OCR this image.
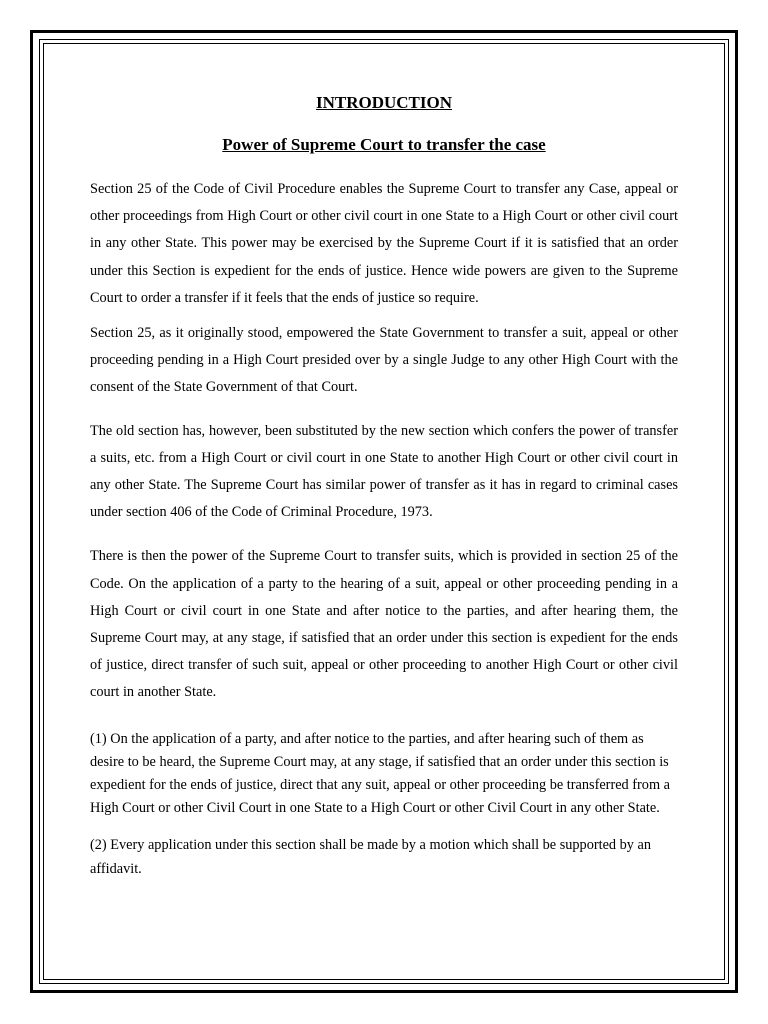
INTRODUCTION
Power of Supreme Court to transfer the case

Section 25 of the Code of Civil Procedure enables the Supreme Court to transfer any Case, appeal or other proceedings from High Court or other civil court in one State to a High Court or other civil court in any other State. This power may be exercised by the Supreme Court if it is satisfied that an order under this Section is expedient for the ends of justice. Hence wide powers are given to the Supreme Court to order a transfer if it feels that the ends of justice so require.

Section 25, as it originally stood, empowered the State Government to transfer a suit, appeal or other proceeding pending in a High Court presided over by a single Judge to any other High Court with the consent of the State Government of that Court.

The old section has, however, been substituted by the new section which confers the power of transfer a suits, etc. from a High Court or civil court in one State to another High Court or other civil court in any other State. The Supreme Court has similar power of transfer as it has in regard to criminal cases under section 406 of the Code of Criminal Procedure, 1973.

There is then the power of the Supreme Court to transfer suits, which is provided in section 25 of the Code. On the application of a party to the hearing of a suit, appeal or other proceeding pending in a High Court or civil court in one State and after notice to the parties, and after hearing them, the Supreme Court may, at any stage, if satisfied that an order under this section is expedient for the ends of justice, direct transfer of such suit, appeal or other proceeding to another High Court or other civil court in another State.

(1) On the application of a party, and after notice to the parties, and after hearing such of them as desire to be heard, the Supreme Court may, at any stage, if satisfied that an order under this section is expedient for the ends of justice, direct that any suit, appeal or other proceeding be transferred from a High Court or other Civil Court in one State to a High Court or other Civil Court in any other State.

(2) Every application under this section shall be made by a motion which shall be supported by an affidavit.
